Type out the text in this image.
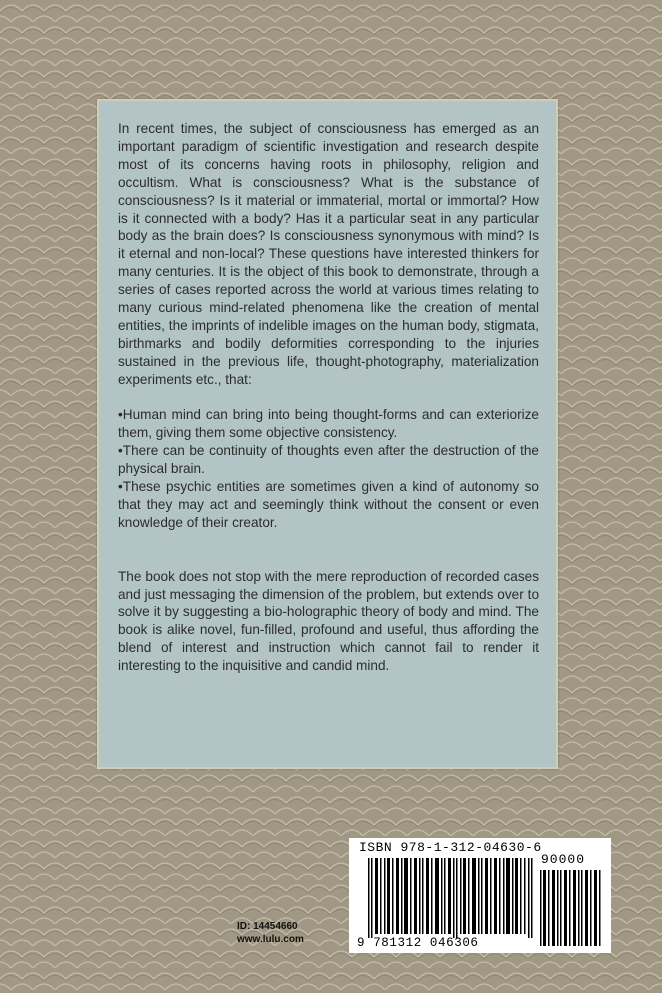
In recent times, the subject of consciousness has emerged as an important paradigm of scientific investigation and research despite most of its concerns having roots in philosophy, religion and occultism. What is consciousness? What is the substance of consciousness? Is it material or immaterial, mortal or immortal? How is it connected with a body? Has it a particular seat in any particular body as the brain does? Is consciousness synonymous with mind? Is it eternal and non-local? These questions have interested thinkers for many centuries. It is the object of this book to demonstrate, through a series of cases reported across the world at various times relating to many curious mind-related phenomena like the creation of mental entities, the imprints of indelible images on the human body, stigmata, birthmarks and bodily deformities corresponding to the injuries sustained in the previous life, thought-photography, materialization experiments etc., that:

•Human mind can bring into being thought-forms and can exteriorize them, giving them some objective consistency.

•There can be continuity of thoughts even after the destruction of the physical brain.

•These psychic entities are sometimes given a kind of autonomy so that they may act and seemingly think without the consent or even knowledge of their creator.

The book does not stop with the mere reproduction of recorded cases and just messaging the dimension of the problem, but extends over to solve it by suggesting a bio-holographic theory of body and mind. The book is alike novel, fun-filled, profound and useful, thus affording the blend of interest and instruction which cannot fail to render it interesting to the inquisitive and candid mind.

ID: 14454660
www.lulu.com
ISBN 978-1-312-04630-6
90000
9 781312 046306
